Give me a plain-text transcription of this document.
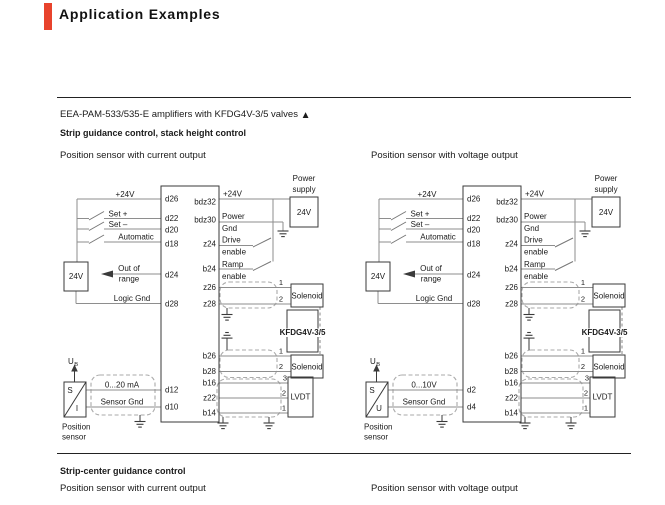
Application Examples
EEA-PAM-533/535-E amplifiers with KFDG4V-3/5 valves ▲
Strip guidance control, stack height control
Position sensor with current output	Position sensor with voltage output
d26
d22
d20
d18
d24
d28
d12
d10
bdz32
bdz30
z24
b24
z26
z28
b26
b28
b16
z22
b14
+24V
Set +
Set –
Automatic
Out of
range
Logic Gnd
24V
U B
S
I
Position
sensor
0...20 mA
Sensor Gnd
+24V
Power
Gnd
Drive
enable
Ramp
enable
Power
supply
24V
1
2
1
2
3
2
1
Solenoid
Solenoid
KFDG4V-3/5
LVDT
d26
d22
d20
d18
d24
d28
d2
d4
bdz32
bdz30
z24
b24
z26
z28
b26
b28
b16
z22
b14
+24V
Set +
Set –
Automatic
Out of
range
Logic Gnd
24V
U B
S
U
Position
sensor
0...10V
Sensor Gnd
+24V
Power
Gnd
Drive
enable
Ramp
enable
Power
supply
24V
1
2
1
2
3
2
1
Solenoid
Solenoid
KFDG4V-3/5
LVDT
Strip-center guidance control
Position sensor with current output	Position sensor with voltage output
